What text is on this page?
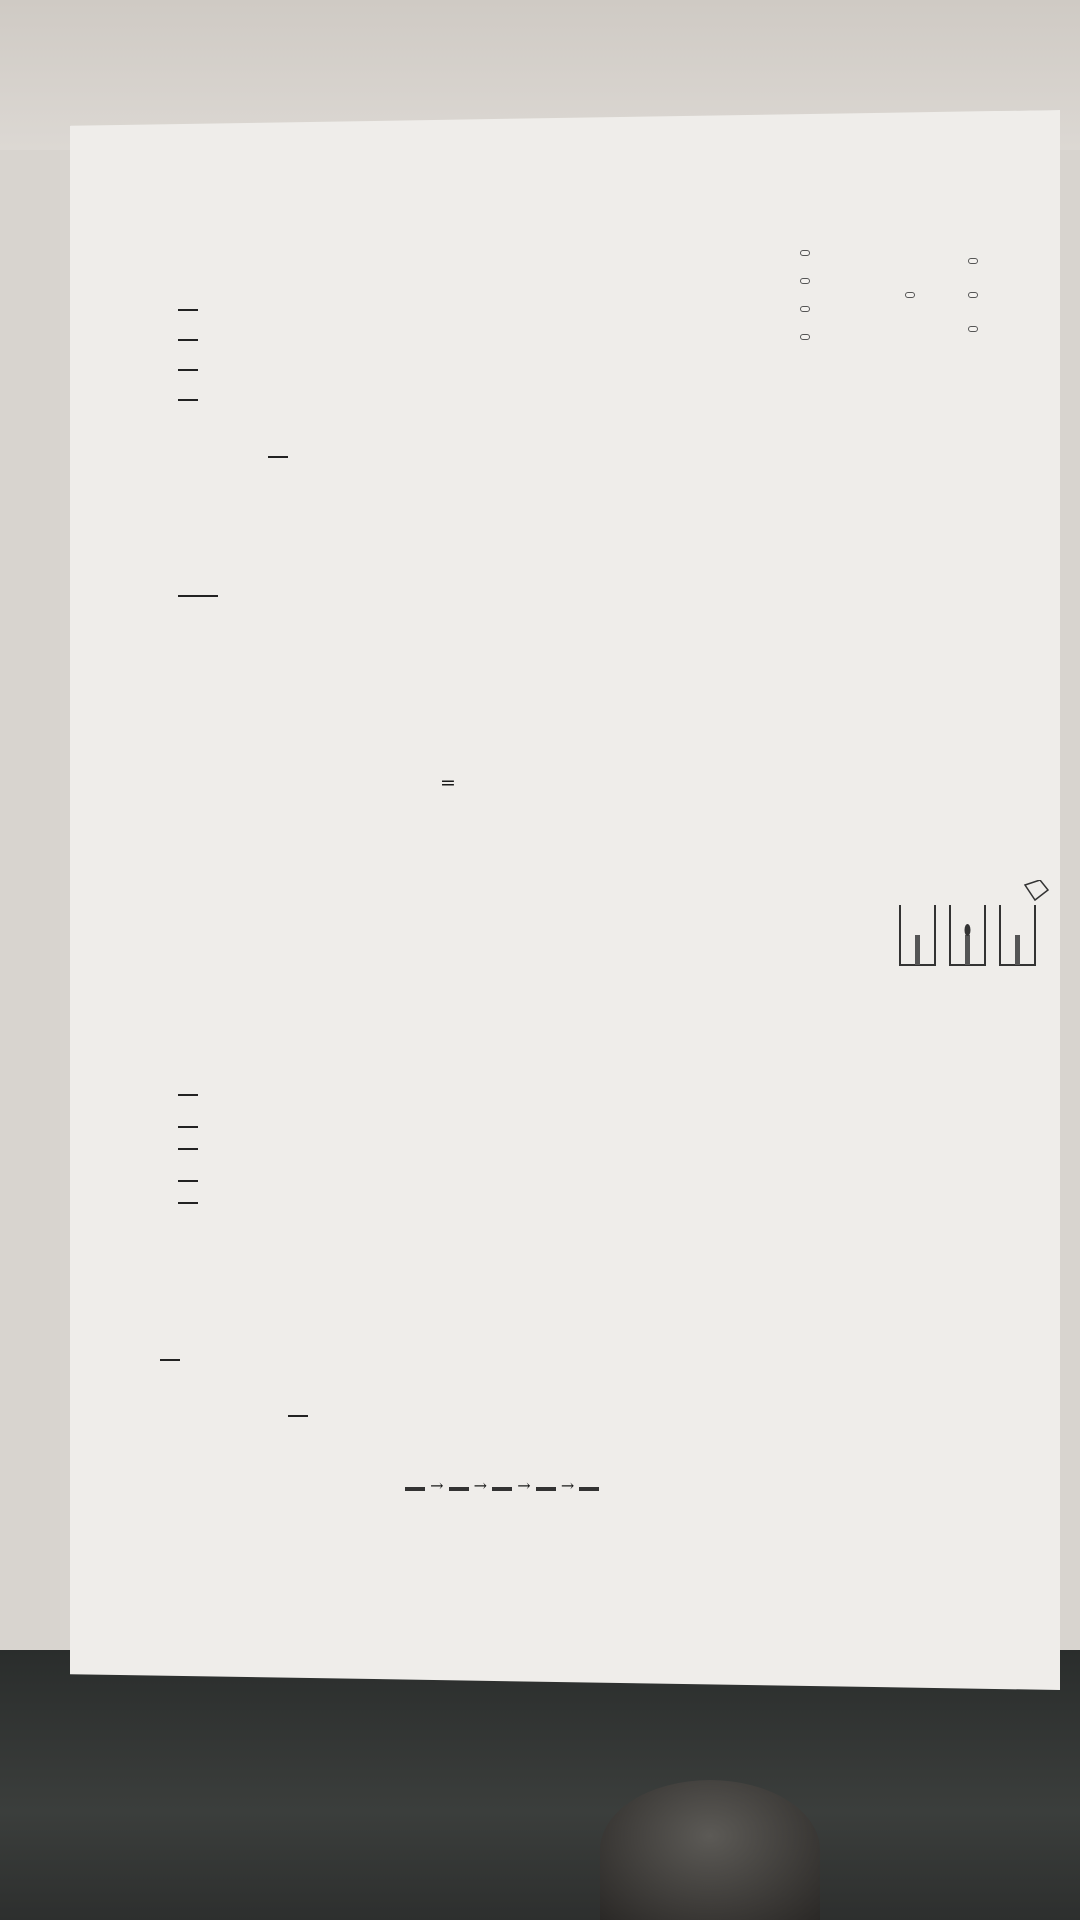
=
→  →  →  →
